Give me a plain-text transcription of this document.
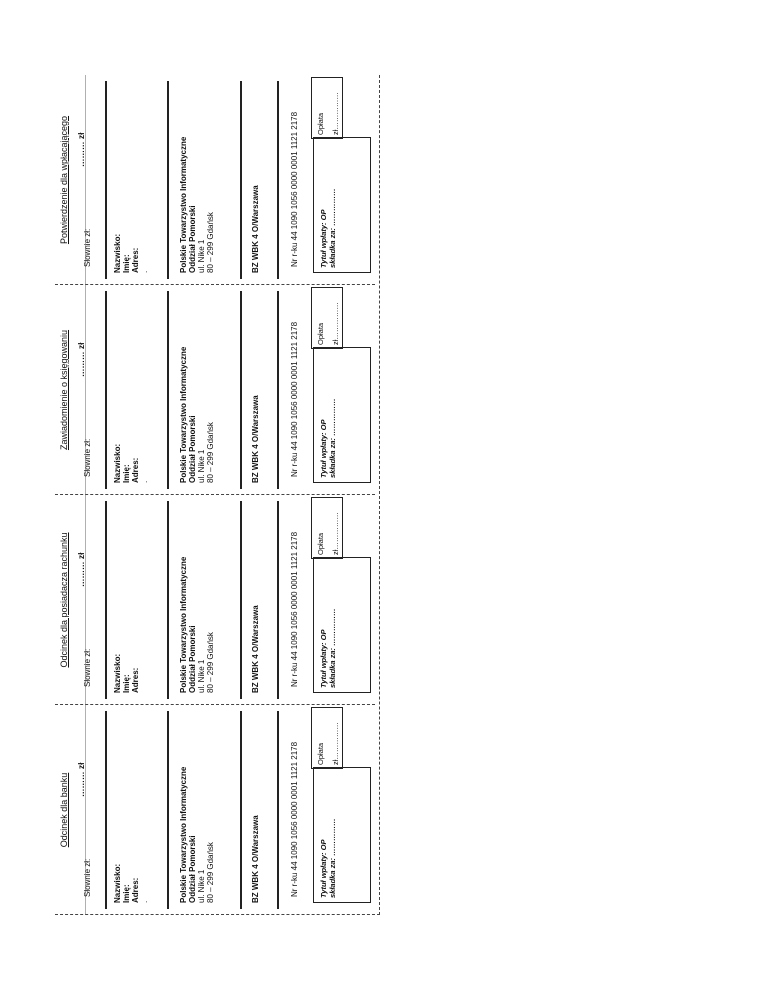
Odcinek dla banku
Słownie zł:
……… zł
Nazwisko: Imię: Adres: .	Polskie Towarzystwo Informatyczne Oddział Pomorski ul. Nike 1 80 – 299 Gdańsk	BZ WBK 4 O/Warszawa	Nr r-ku 44 1090 1056 0000 0001 1121 2178	Tytuł wpłaty: OP składka za: ……………
Opłata zł……………
Odcinek dla posiadacza rachunku
Słownie zł:
……… zł
Nazwisko: Imię: Adres:	Polskie Towarzystwo Informatyczne Oddział Pomorski ul. Nike 1 80 – 299 Gdańsk	BZ WBK 4 O/Warszawa	Nr r-ku 44 1090 1056 0000 0001 1121 2178	Tytuł wpłaty: OP składka za: ……………
Opłata zł……………
Zawiadomienie o księgowaniu
Słownie zł:
……… zł
Nazwisko: Imię: Adres: .	Polskie Towarzystwo Informatyczne Oddział Pomorski ul. Nike 1 80 – 299 Gdańsk	BZ WBK 4 O/Warszawa	Nr r-ku 44 1090 1056 0000 0001 1121 2178	Tytuł wpłaty: OP składka za: ……………
Opłata zł……………
Potwierdzenie dla wpłacającego
Słownie zł:
……… zł
Nazwisko: Imię: Adres: .	Polskie Towarzystwo Informatyczne Oddział Pomorski ul. Nike 1 80 – 299 Gdańsk	BZ WBK 4 O/Warszawa	Nr r-ku 44 1090 1056 0000 0001 1121 2178	Tytuł wpłaty: OP składka za: ……………
Opłata zł……………
